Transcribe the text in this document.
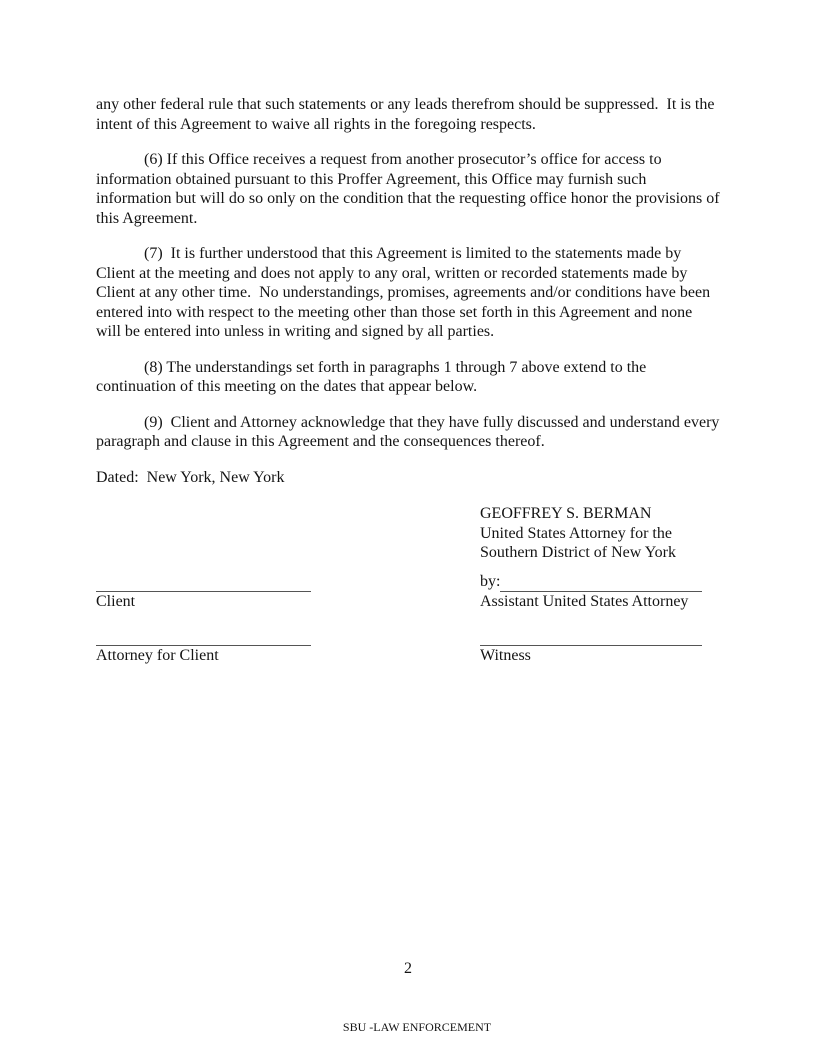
any other federal rule that such statements or any leads therefrom should be suppressed.  It is the intent of this Agreement to waive all rights in the foregoing respects.

(6) If this Office receives a request from another prosecutor’s office for access to information obtained pursuant to this Proffer Agreement, this Office may furnish such information but will do so only on the condition that the requesting office honor the provisions of this Agreement.

(7)  It is further understood that this Agreement is limited to the statements made by Client at the meeting and does not apply to any oral, written or recorded statements made by Client at any other time.  No understandings, promises, agreements and/or conditions have been entered into with respect to the meeting other than those set forth in this Agreement and none will be entered into unless in writing and signed by all parties.

(8) The understandings set forth in paragraphs 1 through 7 above extend to the continuation of this meeting on the dates that appear below.

(9)  Client and Attorney acknowledge that they have fully discussed and understand every paragraph and clause in this Agreement and the consequences thereof.

Dated:  New York, New York

GEOFFREY S. BERMAN
United States Attorney for the
Southern District of New York
Client
by:
Assistant United States Attorney
Attorney for Client	Witness
2
SBU -LAW ENFORCEMENT
